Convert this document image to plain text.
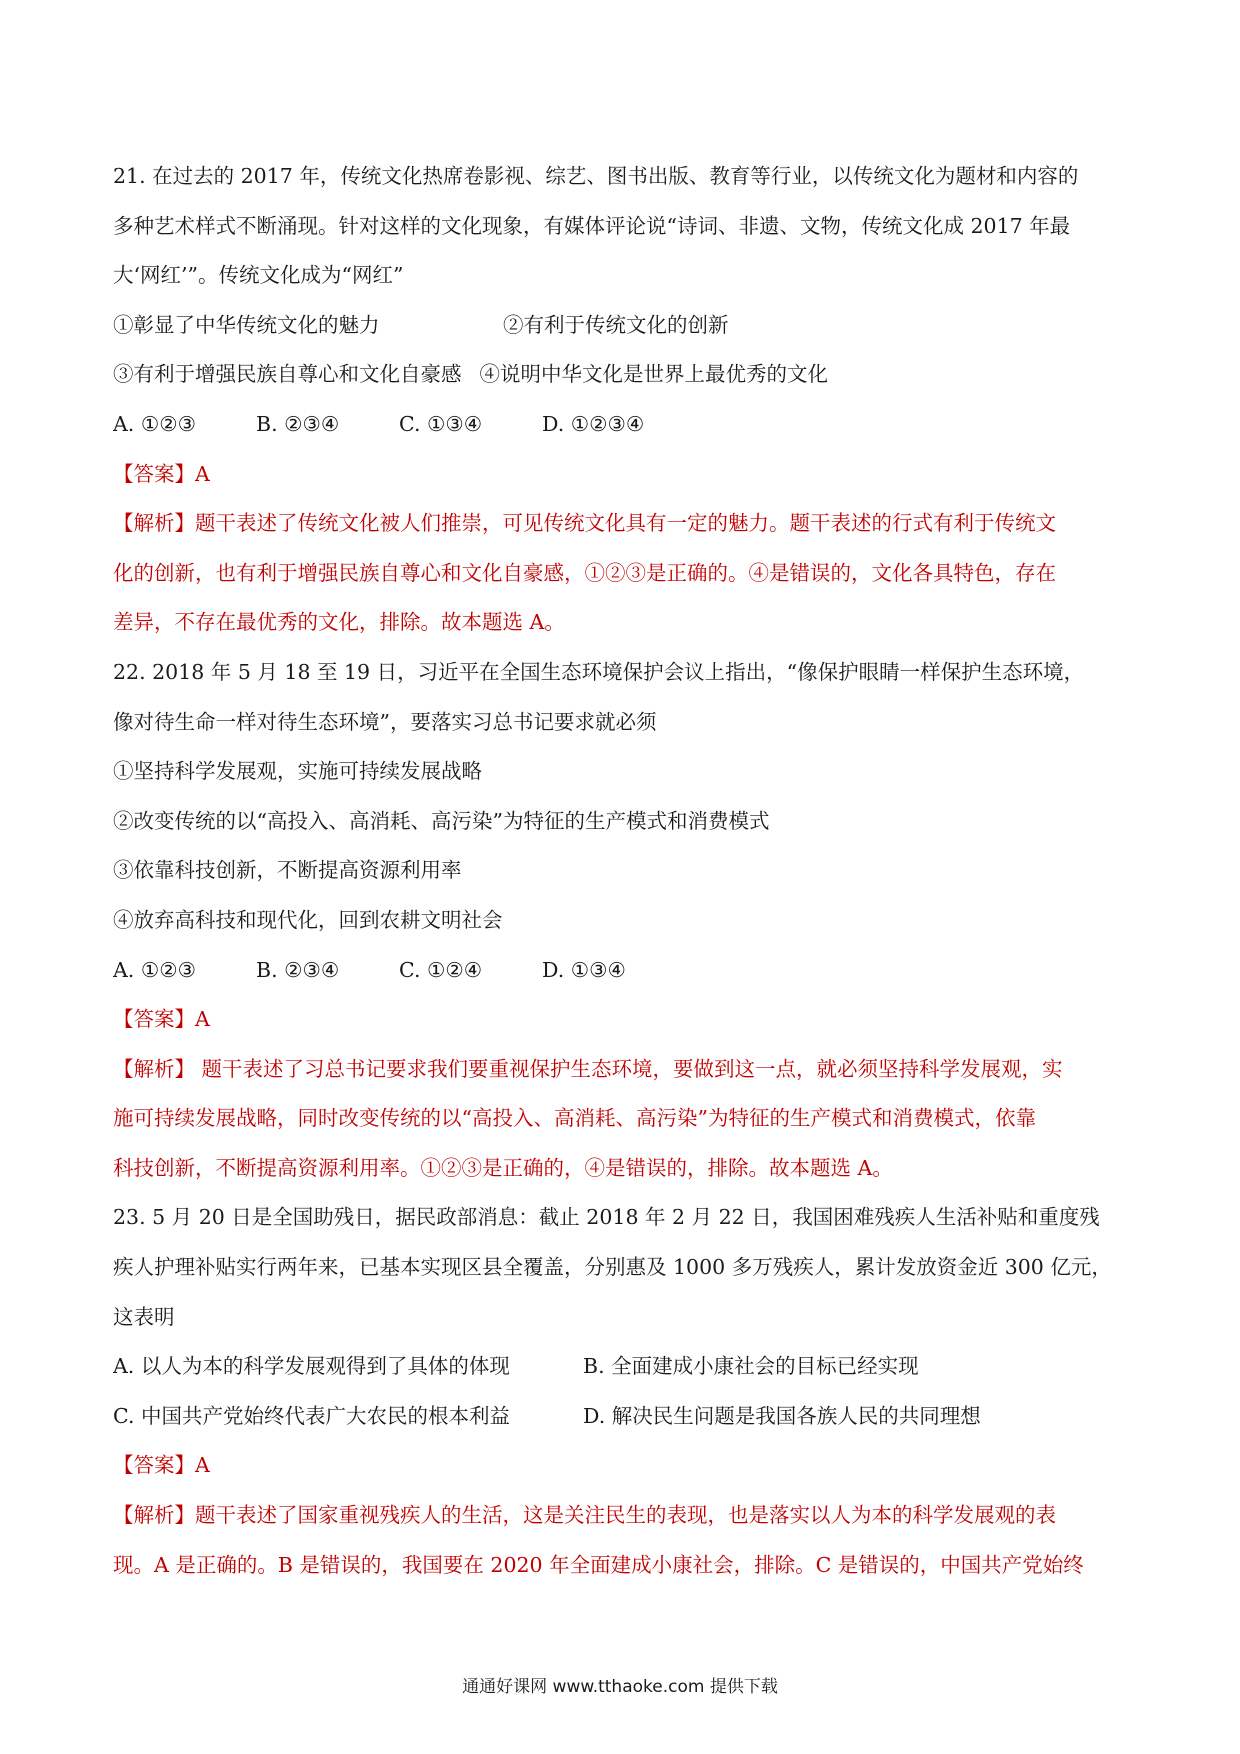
21. 在过去的 2017 年，传统文化热席卷影视、综艺、图书出版、教育等行业，以传统文化为题材和内容的
多种艺术样式不断涌现。针对这样的文化现象，有媒体评论说“诗词、非遗、文物，传统文化成 2017 年最
大‘网红’”。传统文化成为“网红”
①彰显了中华传统文化的魅力	②有利于传统文化的创新
③有利于增强民族自尊心和文化自豪感 ④说明中华文化是世界上最优秀的文化
A. ①②③	B. ②③④	C. ①③④	D. ①②③④
【答案】A
【解析】题干表述了传统文化被人们推崇，可见传统文化具有一定的魅力。题干表述的行式有利于传统文
化的创新，也有利于增强民族自尊心和文化自豪感，①②③是正确的。④是错误的，文化各具特色，存在
差异，不存在最优秀的文化，排除。故本题选 A。
22. 2018 年 5 月 18 至 19 日，习近平在全国生态环境保护会议上指出，“像保护眼睛一样保护生态环境，
像对待生命一样对待生态环境”，要落实习总书记要求就必须
①坚持科学发展观，实施可持续发展战略
②改变传统的以“高投入、高消耗、高污染”为特征的生产模式和消费模式
③依靠科技创新，不断提高资源利用率
④放弃高科技和现代化，回到农耕文明社会
A. ①②③	B. ②③④	C. ①②④	D. ①③④
【答案】A
【解析】 题干表述了习总书记要求我们要重视保护生态环境，要做到这一点，就必须坚持科学发展观，实
施可持续发展战略，同时改变传统的以“高投入、高消耗、高污染”为特征的生产模式和消费模式，依靠
科技创新，不断提高资源利用率。①②③是正确的，④是错误的，排除。故本题选 A。
23. 5 月 20 日是全国助残日，据民政部消息：截止 2018 年 2 月 22 日，我国困难残疾人生活补贴和重度残
疾人护理补贴实行两年来，已基本实现区县全覆盖，分别惠及 1000 多万残疾人，累计发放资金近 300 亿元，
这表明
A. 以人为本的科学发展观得到了具体的体现	B. 全面建成小康社会的目标已经实现
C. 中国共产党始终代表广大农民的根本利益	D. 解决民生问题是我国各族人民的共同理想
【答案】A
【解析】题干表述了国家重视残疾人的生活，这是关注民生的表现，也是落实以人为本的科学发展观的表
现。A 是正确的。B 是错误的，我国要在 2020 年全面建成小康社会，排除。C 是错误的，中国共产党始终
通通好课网 www.tthaoke.com 提供下载
